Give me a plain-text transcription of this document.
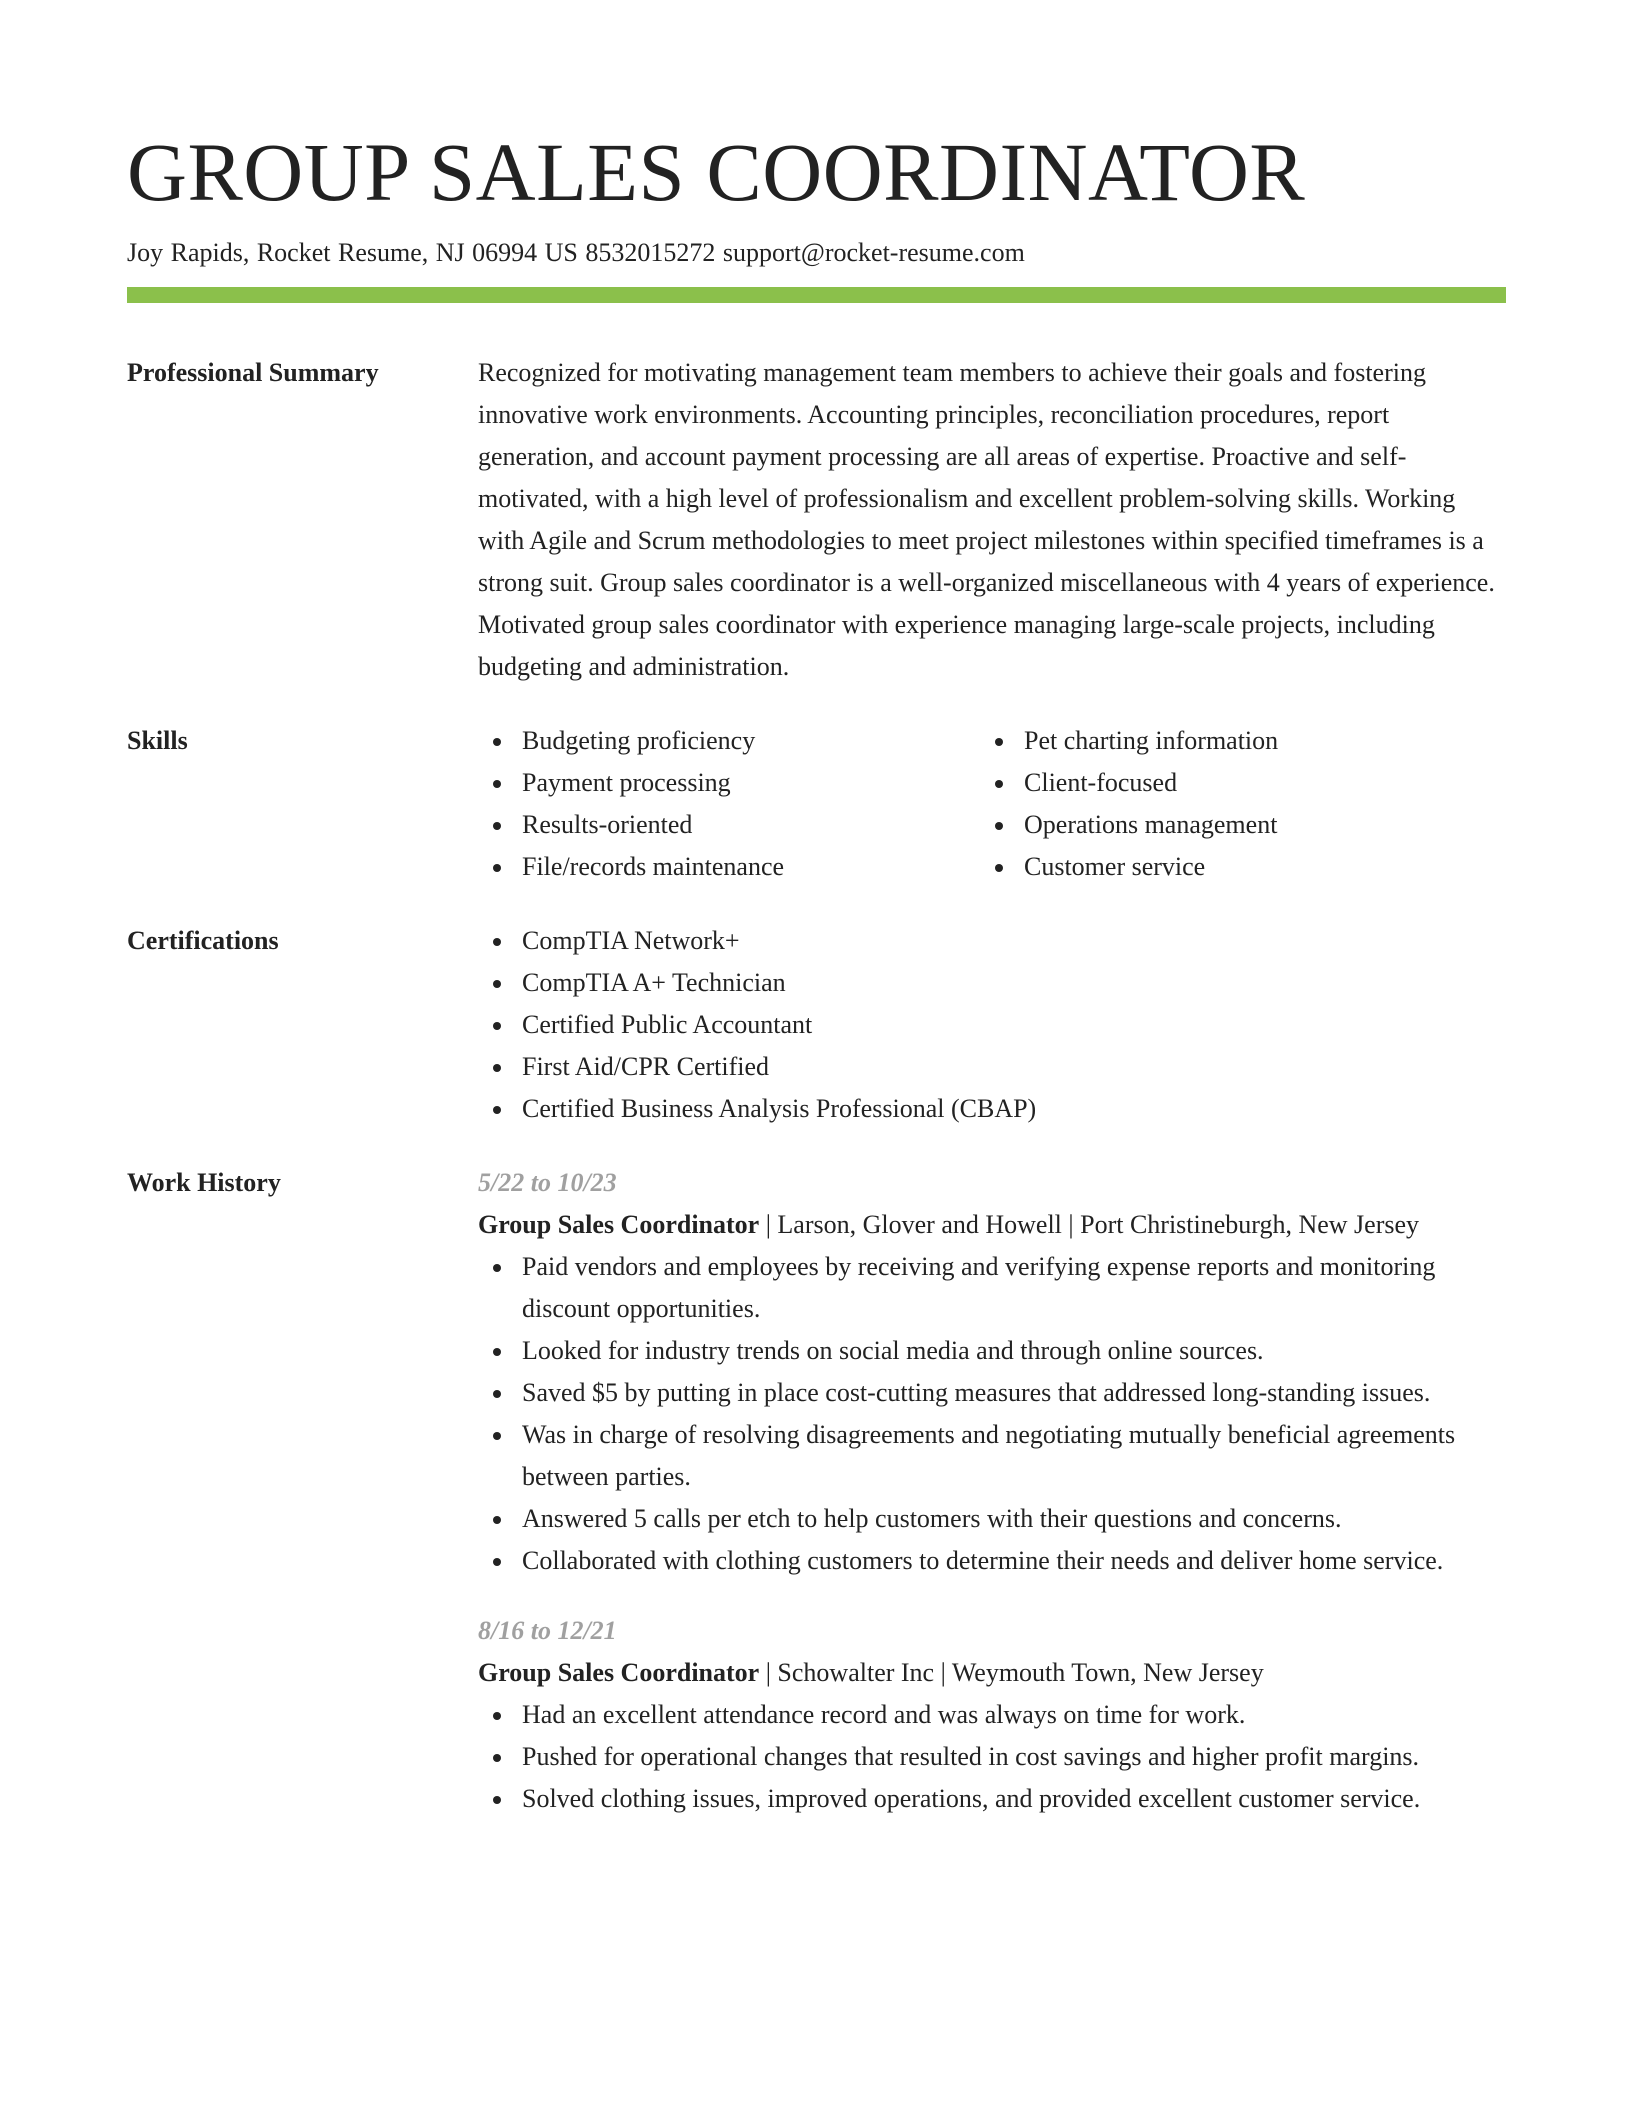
GROUP SALES COORDINATOR
Joy Rapids, Rocket Resume, NJ 06994 US 8532015272 support@rocket-resume.com
Professional Summary	Recognized for motivating management team members to achieve their goals and fostering innovative work environments. Accounting principles, reconciliation procedures, report generation, and account payment processing are all areas of expertise. Proactive and self-motivated, with a high level of professionalism and excellent problem-solving skills. Working with Agile and Scrum methodologies to meet project milestones within specified timeframes is a strong suit. Group sales coordinator is a well-organized miscellaneous with 4 years of experience. Motivated group sales coordinator with experience managing large-scale projects, including budgeting and administration.
Skills	Budgeting proficiency
Payment processing
Results-oriented
File/records maintenance
Pet charting information
Client-focused
Operations management
Customer service
Certifications	CompTIA Network+
CompTIA A+ Technician
Certified Public Accountant
First Aid/CPR Certified
Certified Business Analysis Professional (CBAP)
Work History	5/22 to 10/23
Group Sales Coordinator | Larson, Glover and Howell | Port Christineburgh, New Jersey
Paid vendors and employees by receiving and verifying expense reports and monitoring discount opportunities.
Looked for industry trends on social media and through online sources.
Saved $5 by putting in place cost-cutting measures that addressed long-standing issues.
Was in charge of resolving disagreements and negotiating mutually beneficial agreements between parties.
Answered 5 calls per etch to help customers with their questions and concerns.
Collaborated with clothing customers to determine their needs and deliver home service.
8/16 to 12/21
Group Sales Coordinator | Schowalter Inc | Weymouth Town, New Jersey
Had an excellent attendance record and was always on time for work.
Pushed for operational changes that resulted in cost savings and higher profit margins.
Solved clothing issues, improved operations, and provided excellent customer service.
